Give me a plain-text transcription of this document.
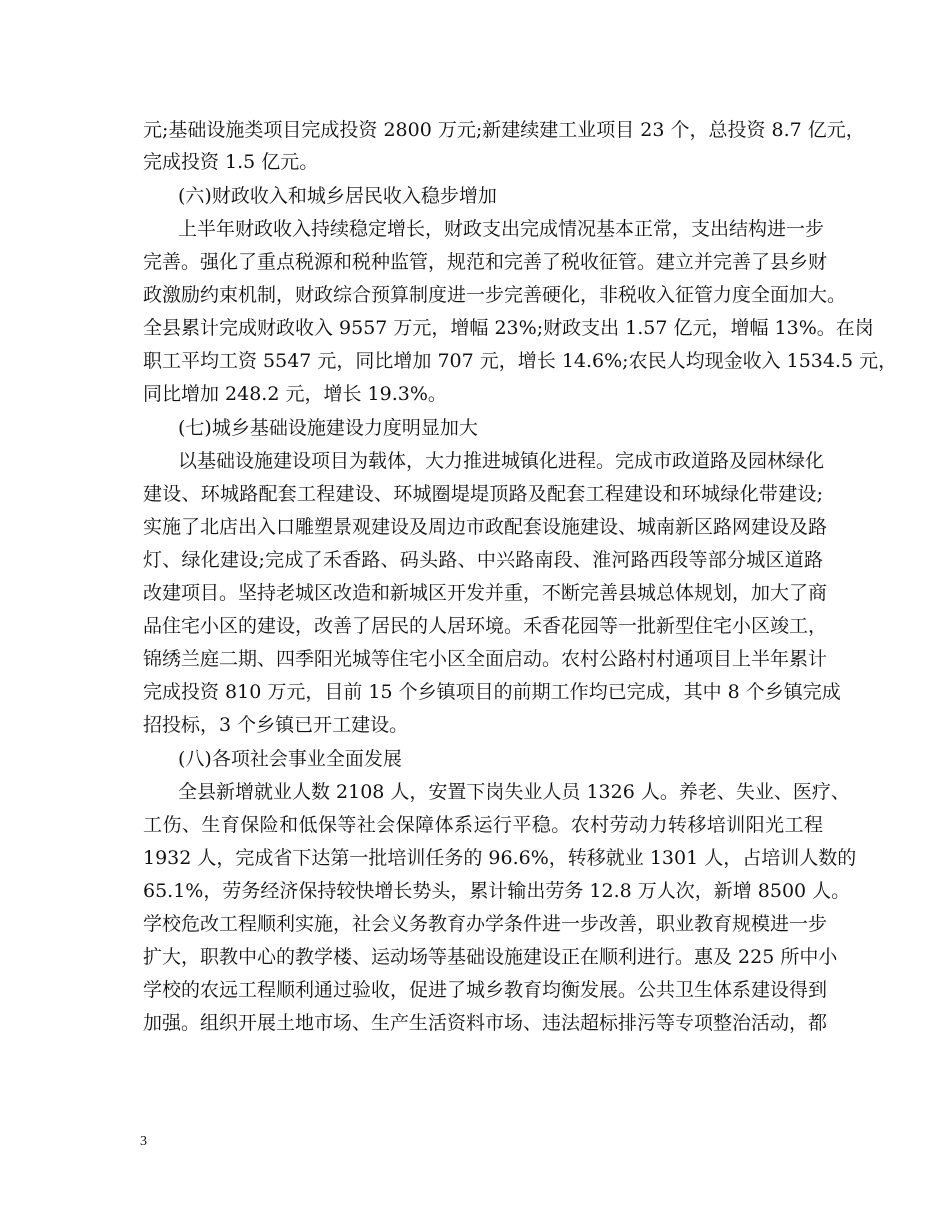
元;基础设施类项目完成投资 2800 万元;新建续建工业项目 23 个，总投资 8.7 亿元，
完成投资 1.5 亿元。
(六)财政收入和城乡居民收入稳步增加
上半年财政收入持续稳定增长，财政支出完成情况基本正常，支出结构进一步
完善。强化了重点税源和税种监管，规范和完善了税收征管。建立并完善了县乡财
政激励约束机制，财政综合预算制度进一步完善硬化，非税收入征管力度全面加大。
全县累计完成财政收入 9557 万元，增幅 23%;财政支出 1.57 亿元，增幅 13%。在岗
职工平均工资 5547 元，同比增加 707 元，增长 14.6%;农民人均现金收入 1534.5 元，
同比增加 248.2 元，增长 19.3%。
(七)城乡基础设施建设力度明显加大
以基础设施建设项目为载体，大力推进城镇化进程。完成市政道路及园林绿化
建设、环城路配套工程建设、环城圈堤堤顶路及配套工程建设和环城绿化带建设;
实施了北店出入口雕塑景观建设及周边市政配套设施建设、城南新区路网建设及路
灯、绿化建设;完成了禾香路、码头路、中兴路南段、淮河路西段等部分城区道路
改建项目。坚持老城区改造和新城区开发并重，不断完善县城总体规划，加大了商
品住宅小区的建设，改善了居民的人居环境。禾香花园等一批新型住宅小区竣工，
锦绣兰庭二期、四季阳光城等住宅小区全面启动。农村公路村村通项目上半年累计
完成投资 810 万元，目前 15 个乡镇项目的前期工作均已完成，其中 8 个乡镇完成
招投标，3 个乡镇已开工建设。
(八)各项社会事业全面发展
全县新增就业人数 2108 人，安置下岗失业人员 1326 人。养老、失业、医疗、
工伤、生育保险和低保等社会保障体系运行平稳。农村劳动力转移培训阳光工程
1932 人，完成省下达第一批培训任务的 96.6%，转移就业 1301 人，占培训人数的
65.1%，劳务经济保持较快增长势头，累计输出劳务 12.8 万人次，新增 8500 人。
学校危改工程顺利实施，社会义务教育办学条件进一步改善，职业教育规模进一步
扩大，职教中心的教学楼、运动场等基础设施建设正在顺利进行。惠及 225 所中小
学校的农远工程顺利通过验收，促进了城乡教育均衡发展。公共卫生体系建设得到
加强。组织开展土地市场、生产生活资料市场、违法超标排污等专项整治活动，都
3
